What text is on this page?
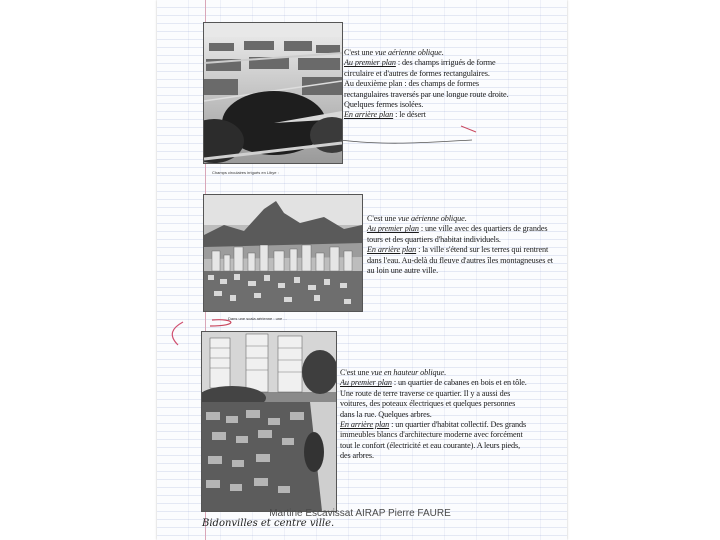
Champs circulaires irrigués en Libye :

C'est une vue aérienne oblique.

Au premier plan : des champs irrigués de forme circulaire et d'autres de formes rectangulaires.

Au deuxième plan : des champs de formes rectangulaires traversés par une longue route droite. Quelques fermes isolées.

En arrière plan : le désert

Dans une scala aérienne : une ...

C'est une vue aérienne oblique.

Au premier plan : une ville avec des quartiers de grandes tours et des quartiers d'habitat individuels.

En arrière plan : la ville s'étend sur les terres qui rentrent dans l'eau. Au-delà du fleuve d'autres îles montagneuses et au loin une autre ville.

C'est une vue en hauteur oblique.

Au premier plan : un quartier de cabanes en bois et en tôle. Une route de terre traverse ce quartier. Il y a aussi des voitures, des poteaux électriques et quelques personnes dans la rue. Quelques arbres.

En arrière plan : un quartier d'habitat collectif. Des grands immeubles blancs d'architecture moderne avec forcément tout le confort (électricité et eau courante). A leurs pieds, des arbres.

Bidonvilles et centre ville.
Martine Escavissat AIRAP Pierre FAURE
